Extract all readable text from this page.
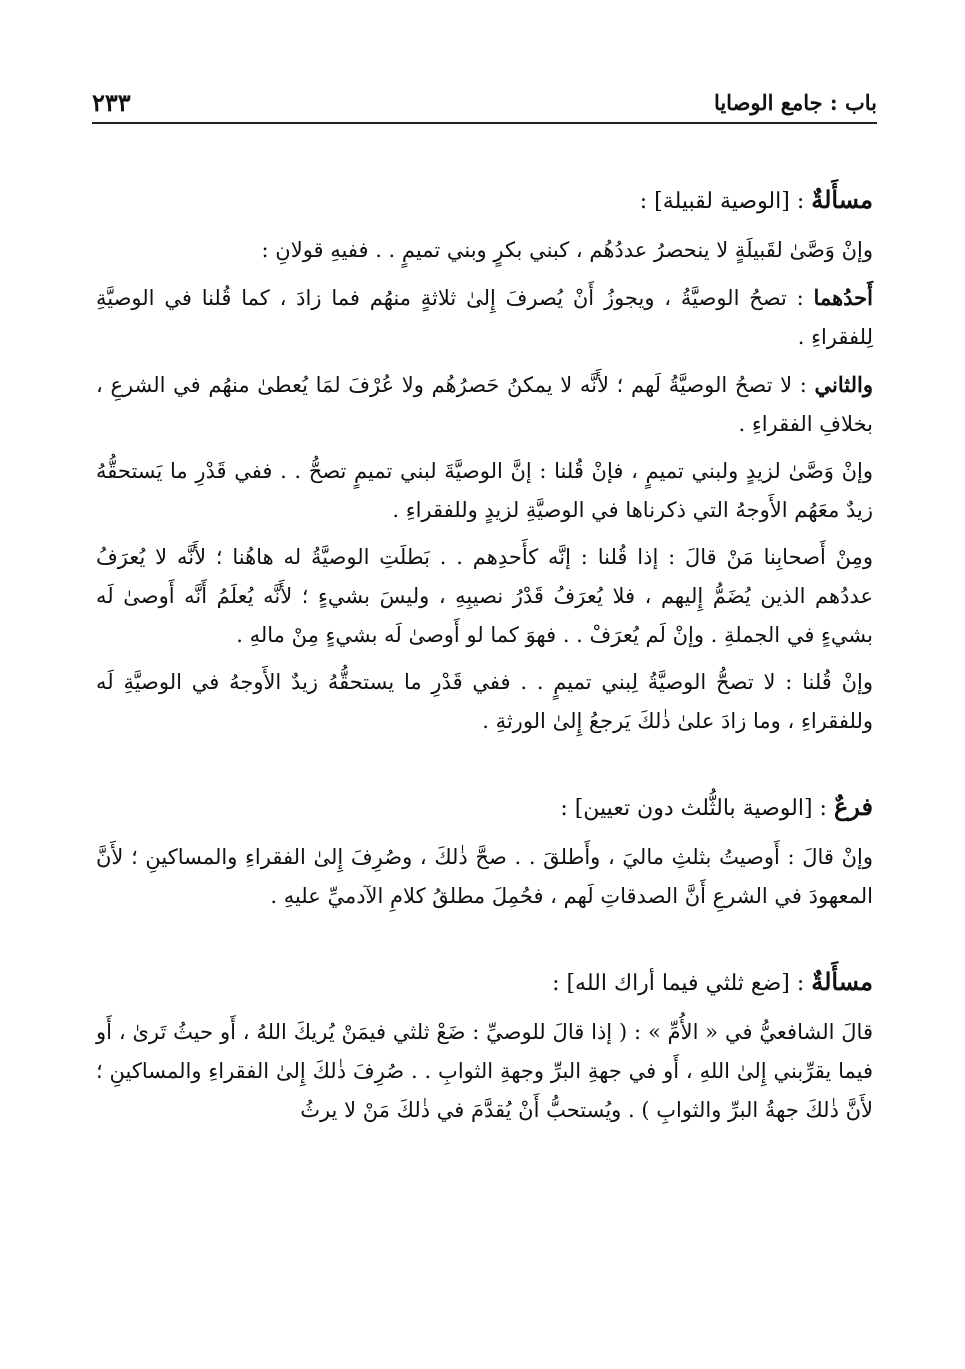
باب : جامع الوصايا
٢٣٣
مسأَلةٌ : [الوصية لقبيلة] :

وإنْ وَصَّىٰ لقَبيلَةٍ لا ينحصرُ عددُهُم ، كبني بكرٍ وبني تميمٍ . . ففيهِ قولانِ :

أَحدُهما : تصحُ الوصيَّةُ ، ويجوزُ أَنْ يُصرفَ إِلىٰ ثلاثةٍ منهُم فما زادَ ، كما قُلنا في الوصيَّةِ لِلفقراءِ .

والثاني : لا تصحُ الوصيَّةُ لَهم ؛ لأَنَّه لا يمكنُ حَصرُهُم ولا عُرْفَ لمَا يُعطىٰ منهُم في الشرعِ ، بخلافِ الفقراءِ .

وإنْ وَصَّىٰ لزيدٍ ولبني تميمٍ ، فإنْ قُلنا : إنَّ الوصيَّةَ لبني تميمٍ تصحُّ . . ففي قَدْرِ ما يَستحقُّهُ زيدٌ معَهُم الأَوجهُ التي ذكرناها في الوصيَّةِ لزيدٍ وللفقراءِ .

ومِنْ أَصحابِنا مَنْ قالَ : إذا قُلنا : إنَّه كأَحدِهم . . بَطلَتِ الوصيَّةُ له هاهُنا ؛ لأَنَّه لا يُعرَفُ عددُهم الذين يُضَمُّ إِليهم ، فلا يُعرَفُ قَدْرُ نصيبِهِ ، وليسَ بشيءٍ ؛ لأَنَّه يُعلَمُ أَنَّه أَوصىٰ لَه بشيءٍ في الجملةِ . وإنْ لَم يُعرَفْ . . فهوَ كما لو أَوصىٰ لَه بشيءٍ مِنْ مالهِ .

وإنْ قُلنا : لا تصحُّ الوصيَّةُ لِبني تميمٍ . . ففي قَدْرِ ما يستحقُّهُ زيدٌ الأَوجهُ في الوصيَّةِ لَه وللفقراءِ ، وما زادَ علىٰ ذٰلكَ يَرجعُ إِلىٰ الورثةِ .

فرعٌ : [الوصية بالثُّلث دون تعيين] :

وإنْ قالَ : أَوصيتُ بثلثِ ماليَ ، وأَطلقَ . . صحَّ ذٰلكَ ، وصُرِفَ إِلىٰ الفقراءِ والمساكينِ ؛ لأَنَّ المعهودَ في الشرعِ أَنَّ الصدقاتِ لَهم ، فحُمِلَ مطلقُ كلامِ الآدميِّ عليهِ .

مسأَلةٌ : [ضع ثلثي فيما أراك الله] :

قالَ الشافعيُّ في « الأُمِّ » : ( إذا قالَ للوصيِّ : ضَعْ ثلثي فيمَنْ يُريكَ اللهُ ، أَو حيثُ تَرىٰ ، أَو فيما يقرِّبني إِلىٰ اللهِ ، أَو في جهةِ البرِّ وجهةِ الثوابِ . . صُرِفَ ذٰلكَ إِلىٰ الفقراءِ والمساكينِ ؛ لأَنَّ ذٰلكَ جهةُ البرِّ والثوابِ ) . ويُستحبُّ أَنْ يُقدَّمَ في ذٰلكَ مَنْ لا يرثُ
